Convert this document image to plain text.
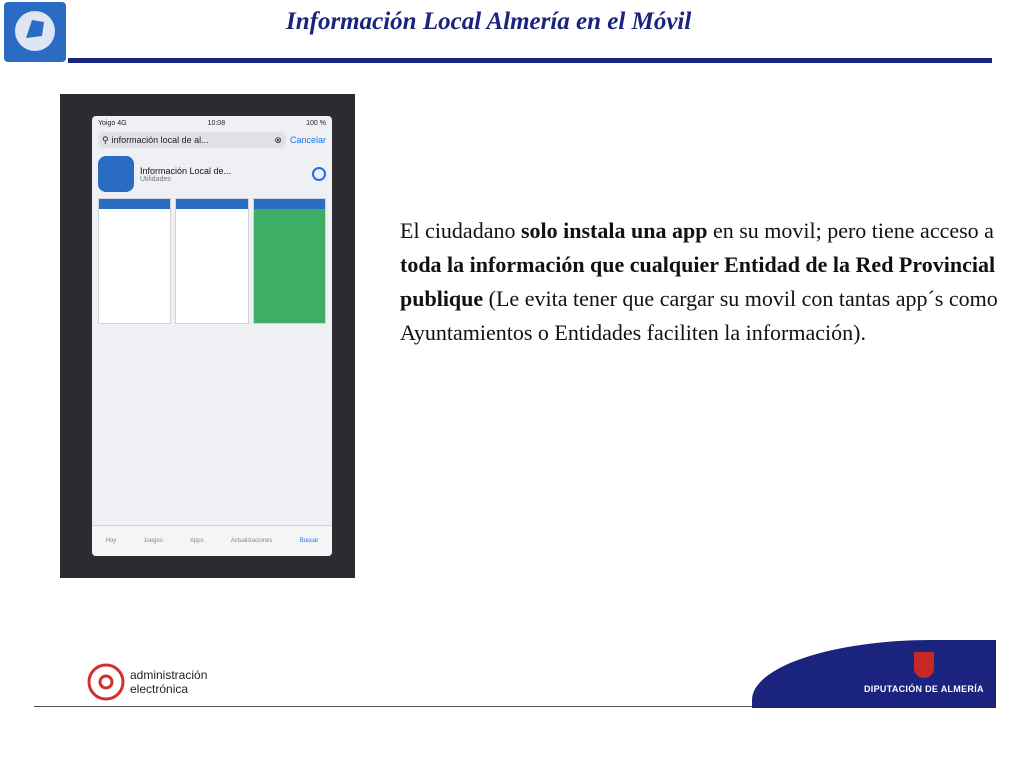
Información Local Almería en el Móvil
Yoigo 4G	10:08	100 %
⚲ información local de al...	⊗ Cancelar
Información Local de...
Utilidades
Hoy	Juegos	Apps	Actualizaciones	Buscar

El ciudadano solo instala una app en su movil; pero tiene acceso a toda la información que cualquier Entidad de la Red Provincial publique (Le evita tener que cargar su movil con tantas app´s como Ayuntamientos o Entidades faciliten la información).

administración
electrónica	DIPUTACIÓN DE ALMERÍA
